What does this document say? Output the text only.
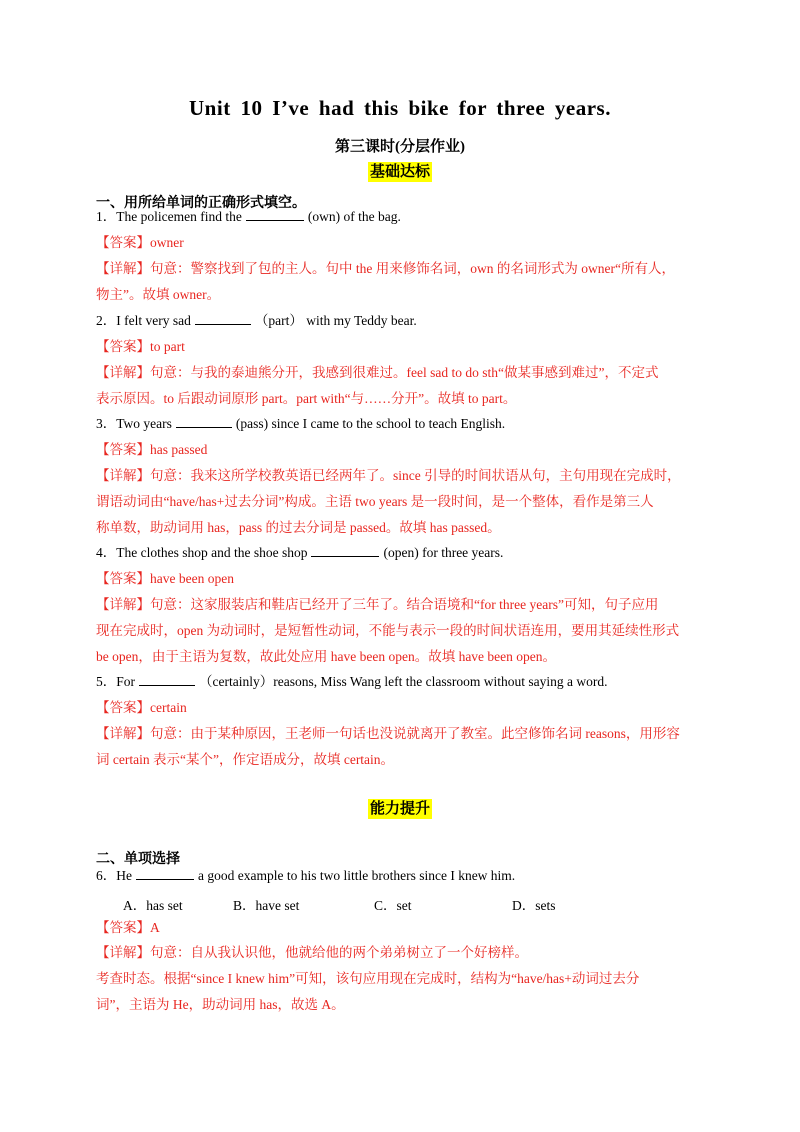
Unit 10 I’ve had this bike for three years.
第三课时(分层作业)
基础达标
一、用所给单词的正确形式填空。
1．The policemen find the	(own) of the bag.
【答案】owner
【详解】句意：警察找到了包的主人。句中 the 用来修饰名词，own 的名词形式为 owner“所有人，
物主”。故填 owner。
2．I felt very sad	（part） with my Teddy bear.
【答案】to part
【详解】句意：与我的泰迪熊分开，我感到很难过。feel sad to do sth“做某事感到难过”，不定式
表示原因。to 后跟动词原形 part。part with“与……分开”。故填 to part。
3．Two years	(pass) since I came to the school to teach English.
【答案】has passed
【详解】句意：我来这所学校教英语已经两年了。since 引导的时间状语从句，主句用现在完成时，
谓语动词由“have/has+过去分词”构成。主语 two years 是一段时间，是一个整体，看作是第三人
称单数，助动词用 has，pass 的过去分词是 passed。故填 has passed。
4．The clothes shop and the shoe shop	(open) for three years.
【答案】have been open
【详解】句意：这家服装店和鞋店已经开了三年了。结合语境和“for three years”可知，句子应用
现在完成时，open 为动词时，是短暂性动词，不能与表示一段的时间状语连用，要用其延续性形式
be open，由于主语为复数，故此处应用 have been open。故填 have been open。
5．For	（certainly）reasons, Miss Wang left the classroom without saying a word.
【答案】certain
【详解】句意：由于某种原因，王老师一句话也没说就离开了教室。此空修饰名词 reasons，用形容
词 certain 表示“某个”，作定语成分，故填 certain。
能力提升
二、单项选择
6．He	a good example to his two little brothers since I knew him.
A．has set	B．have set	C．set	D．sets
【答案】A
【详解】句意：自从我认识他，他就给他的两个弟弟树立了一个好榜样。
考查时态。根据“since I knew him”可知，该句应用现在完成时，结构为“have/has+动词过去分
词”，主语为 He，助动词用 has，故选 A。
